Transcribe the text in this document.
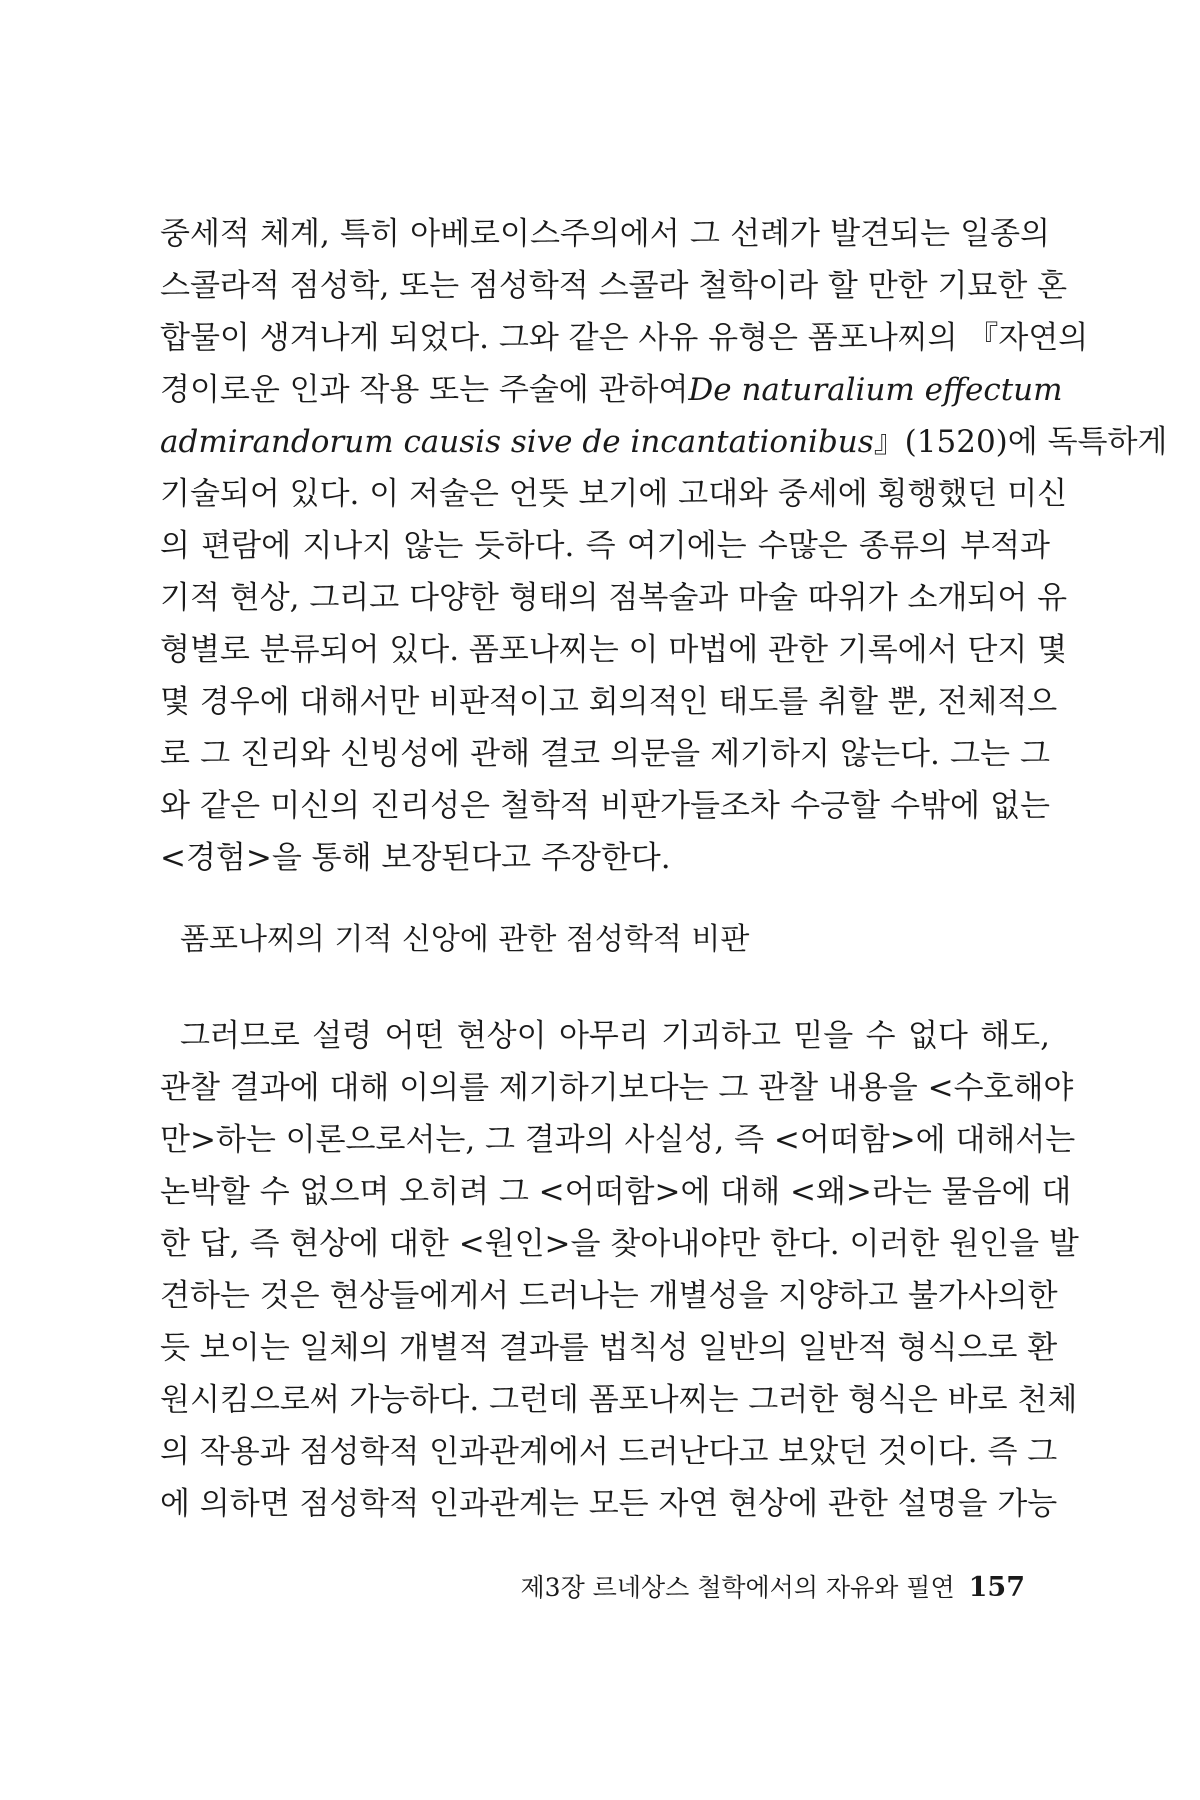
중세적 체계, 특히 아베로이스주의에서 그 선례가 발견되는 일종의
스콜라적 점성학, 또는 점성학적 스콜라 철학이라 할 만한 기묘한 혼
합물이 생겨나게 되었다. 그와 같은 사유 유형은 폼포나찌의 『자연의
경이로운 인과 작용 또는 주술에 관하여De naturalium effectum
admirandorum causis sive de incantationibus』(1520)에 독특하게
기술되어 있다. 이 저술은 언뜻 보기에 고대와 중세에 횡행했던 미신
의 편람에 지나지 않는 듯하다. 즉 여기에는 수많은 종류의 부적과
기적 현상, 그리고 다양한 형태의 점복술과 마술 따위가 소개되어 유
형별로 분류되어 있다. 폼포나찌는 이 마법에 관한 기록에서 단지 몇
몇 경우에 대해서만 비판적이고 회의적인 태도를 취할 뿐, 전체적으
로 그 진리와 신빙성에 관해 결코 의문을 제기하지 않는다. 그는 그
와 같은 미신의 진리성은 철학적 비판가들조차 수긍할 수밖에 없는
<경험>을 통해 보장된다고 주장한다.
폼포나찌의 기적 신앙에 관한 점성학적 비판
그러므로 설령 어떤 현상이 아무리 기괴하고 믿을 수 없다 해도,
관찰 결과에 대해 이의를 제기하기보다는 그 관찰 내용을 <수호해야
만>하는 이론으로서는, 그 결과의 사실성, 즉 <어떠함>에 대해서는
논박할 수 없으며 오히려 그 <어떠함>에 대해 <왜>라는 물음에 대
한 답, 즉 현상에 대한 <원인>을 찾아내야만 한다. 이러한 원인을 발
견하는 것은 현상들에게서 드러나는 개별성을 지양하고 불가사의한
듯 보이는 일체의 개별적 결과를 법칙성 일반의 일반적 형식으로 환
원시킴으로써 가능하다. 그런데 폼포나찌는 그러한 형식은 바로 천체
의 작용과 점성학적 인과관계에서 드러난다고 보았던 것이다. 즉 그
에 의하면 점성학적 인과관계는 모든 자연 현상에 관한 설명을 가능
제3장 르네상스 철학에서의 자유와 필연 157
